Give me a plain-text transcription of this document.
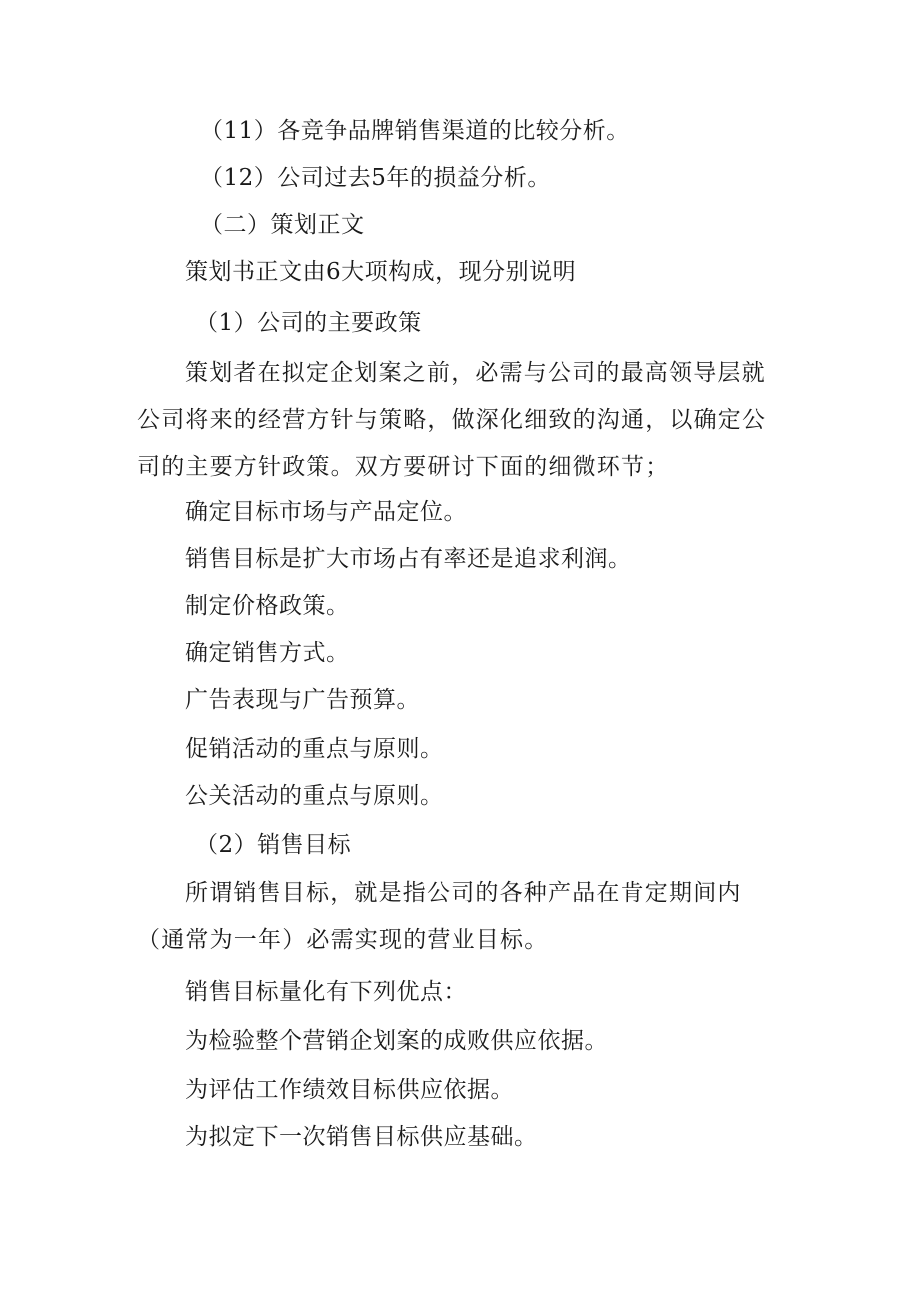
（11）各竞争品牌销售渠道的比较分析。
（12）公司过去5年的损益分析。
（二）策划正文
策划书正文由6大项构成，现分别说明
（1）公司的主要政策
策划者在拟定企划案之前，必需与公司的最高领导层就公司将来的经营方针与策略，做深化细致的沟通，以确定公司的主要方针政策。双方要研讨下面的细微环节；
确定目标市场与产品定位。
销售目标是扩大市场占有率还是追求利润。
制定价格政策。
确定销售方式。
广告表现与广告预算。
促销活动的重点与原则。
公关活动的重点与原则。
（2）销售目标
所谓销售目标，就是指公司的各种产品在肯定期间内（通常为一年）必需实现的营业目标。
销售目标量化有下列优点：
为检验整个营销企划案的成败供应依据。
为评估工作绩效目标供应依据。
为拟定下一次销售目标供应基础。
